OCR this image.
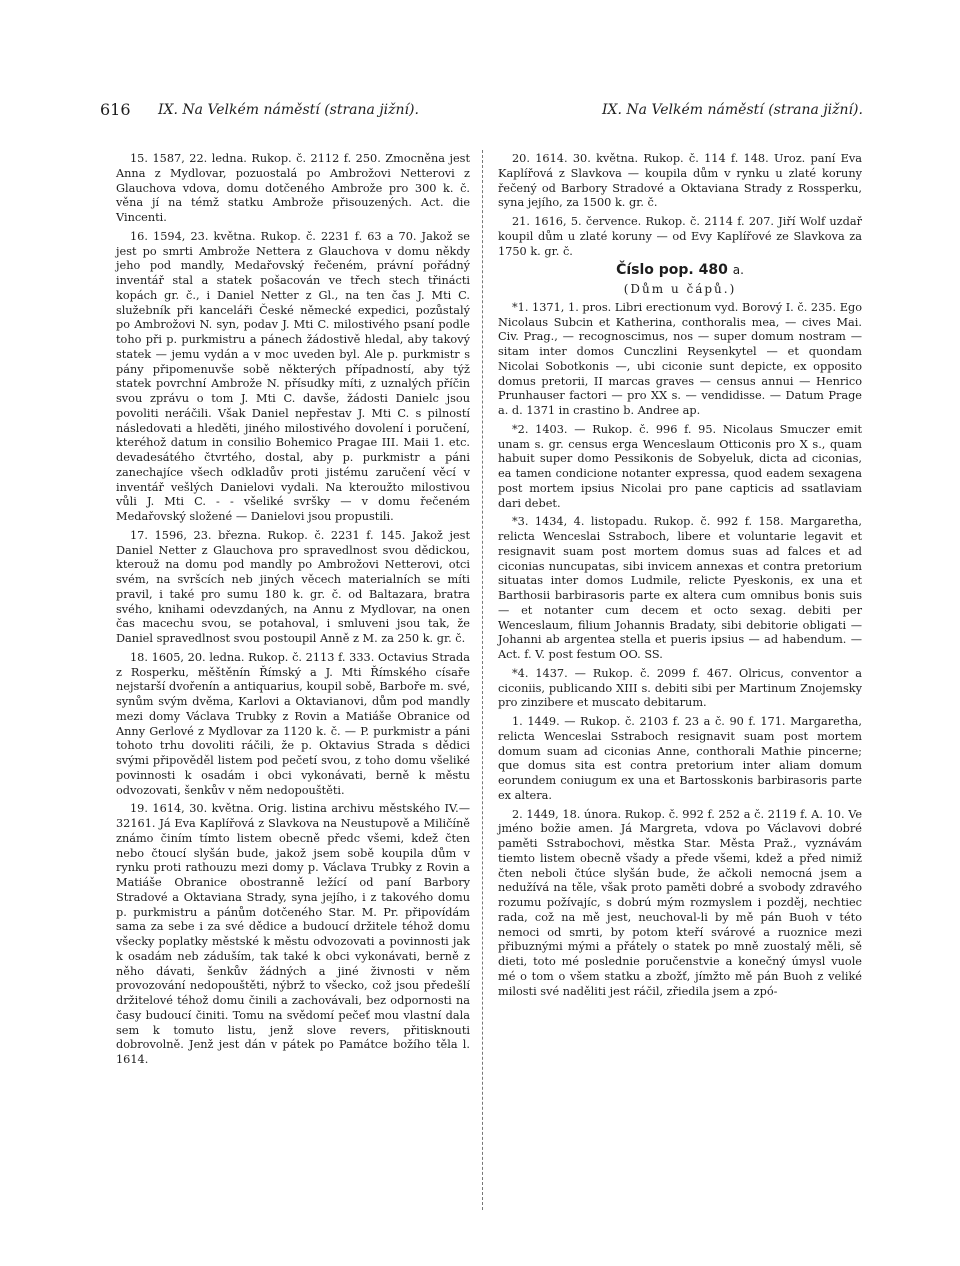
616 IX. Na Velkém náměstí (strana jižní).	IX. Na Velkém náměstí (strana jižní).

15. 1587, 22. ledna. Rukop. č. 2112 f. 250. Zmocněna jest Anna z Mydlovar, pozuostalá po Ambrožovi Netterovi z Glauchova vdova, domu dotčeného Ambrože pro 300 k. č. věna jí na témž statku Ambrože přisouzených. Act. die Vincenti.

16. 1594, 23. května. Rukop. č. 2231 f. 63 a 70. Jakož se jest po smrti Ambrože Nettera z Glauchova v domu někdy jeho pod mandly, Medařovský řečeném, právní pořádný inventář stal a statek pošacován ve třech stech třinácti kopách gr. č., i Daniel Netter z Gl., na ten čas J. Mti C. služebník při kanceláři České německé expedici, pozůstalý po Ambrožovi N. syn, podav J. Mti C. milostivého psaní podle toho při p. purkmistru a pánech žádostivě hledal, aby takový statek — jemu vydán a v moc uveden byl. Ale p. purkmistr s pány připomenuvše sobě některých případností, aby týž statek povrchní Ambrože N. přísudky míti, z uznalých příčin svou zprávu o tom J. Mti C. davše, žádosti Danielc jsou povoliti neráčili. Však Daniel nepřestav J. Mti C. s pilností následovati a hleděti, jiného milostivého dovolení i poručení, kteréhož datum in consilio Bohemico Pragae III. Maii 1. etc. devadesátého čtvrtého, dostal, aby p. purkmistr a páni zanechajíce všech odkladův proti jistému zaručení věcí v inventář vešlých Danielovi vydali. Na kteroužto milostivou vůli J. Mti C. - - všeliké svršky — v domu řečeném Medařovský složené — Danielovi jsou propustili.

17. 1596, 23. března. Rukop. č. 2231 f. 145. Jakož jest Daniel Netter z Glauchova pro spravedlnost svou dědickou, kterouž na domu pod mandly po Ambrožovi Netterovi, otci svém, na svršcích neb jiných věcech materialních se míti pravil, i také pro sumu 180 k. gr. č. od Baltazara, bratra svého, knihami odevzdaných, na Annu z Mydlovar, na onen čas macechu svou, se potahoval, i smluveni jsou tak, že Daniel spravedlnost svou postoupil Anně z M. za 250 k. gr. č.

18. 1605, 20. ledna. Rukop. č. 2113 f. 333. Octavius Strada z Rosperku, měštěnín Římský a J. Mti Římského císaře nejstarší dvořenín a antiquarius, koupil sobě, Barboře m. své, synům svým dvěma, Karlovi a Oktavianovi, dům pod mandly mezi domy Václava Trubky z Rovin a Matiáše Obranice od Anny Gerlové z Mydlovar za 1120 k. č. — P. purkmistr a páni tohoto trhu dovoliti ráčili, že p. Oktavius Strada s dědici svými připověděl listem pod pečetí svou, z toho domu všeliké povinnosti k osadám i obci vykonávati, berně k městu odvozovati, šenkův v něm nedopouštěti.

19. 1614, 30. května. Orig. listina archivu městského IV.—32161. Já Eva Kaplířová z Slavkova na Neustupově a Miličíně známo činím tímto listem obecně předc všemi, kdež čten nebo čtoucí slyšán bude, jakož jsem sobě koupila dům v rynku proti rathouzu mezi domy p. Václava Trubky z Rovin a Matiáše Obranice obostranně ležící od paní Barbory Stradové a Oktaviana Strady, syna jejího, i z takového domu p. purkmistru a pánům dotčeného Star. M. Pr. připovídám sama za sebe i za své dědice a budoucí držitele téhož domu všecky poplatky městské k městu odvozovati a povinnosti jak k osadám neb záduším, tak také k obci vykonávati, berně z něho dávati, šenkův žádných a jiné živnosti v něm provozování nedopouštěti, nýbrž to všecko, což jsou předešlí držitelové téhož domu činili a zachovávali, bez odpornosti na časy budoucí činiti. Tomu na svědomí pečeť mou vlastní dala sem k tomuto listu, jenž slove revers, přitisknouti dobrovolně. Jenž jest dán v pátek po Památce božího těla l. 1614.

20. 1614. 30. května. Rukop. č. 114 f. 148. Uroz. paní Eva Kaplířová z Slavkova — koupila dům v rynku u zlaté koruny řečený od Barbory Stradové a Oktaviana Strady z Rossperku, syna jejího, za 1500 k. gr. č.

21. 1616, 5. července. Rukop. č. 2114 f. 207. Jiří Wolf uzdař koupil dům u zlaté koruny — od Evy Kaplířové ze Slavkova za 1750 k. gr. č.

Číslo pop. 480 a.

(Dům u čápů.)

*1. 1371, 1. pros. Libri erectionum vyd. Borový I. č. 235. Ego Nicolaus Subcin et Katherina, conthoralis mea, — cives Mai. Civ. Prag., — recognoscimus, nos — super domum nostram — sitam inter domos Cunczlini Reysenkytel — et quondam Nicolai Sobotkonis —, ubi ciconie sunt depicte, ex opposito domus pretorii, II marcas graves — census annui — Henrico Prunhauser factori — pro XX s. — vendidisse. — Datum Prage a. d. 1371 in crastino b. Andree ap.

*2. 1403. — Rukop. č. 996 f. 95. Nicolaus Smuczer emit unam s. gr. census erga Wenceslaum Otticonis pro X s., quam habuit super domo Pessikonis de Sobyeluk, dicta ad ciconias, ea tamen condicione notanter expressa, quod eadem sexagena post mortem ipsius Nicolai pro pane capticis ad ssatlaviam dari debet.

*3. 1434, 4. listopadu. Rukop. č. 992 f. 158. Margaretha, relicta Wenceslai Sstraboch, libere et voluntarie legavit et resignavit suam post mortem domus suas ad falces et ad ciconias nuncupatas, sibi invicem annexas et contra pretorium situatas inter domos Ludmile, relicte Pyeskonis, ex una et Barthosii barbirasoris parte ex altera cum omnibus bonis suis — et notanter cum decem et octo sexag. debiti per Wenceslaum, filium Johannis Bradaty, sibi debitorie obligati — Johanni ab argentea stella et pueris ipsius — ad habendum. — Act. f. V. post festum OO. SS.

*4. 1437. — Rukop. č. 2099 f. 467. Olricus, conventor a ciconiis, publicando XIII s. debiti sibi per Martinum Znojemsky pro zinzibere et muscato debitarum.

1. 1449. — Rukop. č. 2103 f. 23 a č. 90 f. 171. Margaretha, relicta Wenceslai Sstraboch resignavit suam post mortem domum suam ad ciconias Anne, conthorali Mathie pincerne; que domus sita est contra pretorium inter aliam domum eorundem coniugum ex una et Bartosskonis barbirasoris parte ex altera.

2. 1449, 18. února. Rukop. č. 992 f. 252 a č. 2119 f. A. 10. Ve jméno božie amen. Já Margreta, vdova po Václavovi dobré paměti Sstrabochovi, městka Star. Města Praž., vyznávám tiemto listem obecně všady a přede všemi, kdež a před nimiž čten neboli čtúce slyšán bude, že ačkoli nemocná jsem a nedužívá na těle, však proto paměti dobré a svobody zdravého rozumu požívajíc, s dobrú mým rozmyslem i pozděj, nechtiec rada, což na mě jest, neuchoval-li by mě pán Buoh v této nemoci od smrti, by potom kteří svárové a ruoznice mezi přibuznými mými a přátely o statek po mně zuostalý měli, sě dieti, toto mé poslednie poručenstvie a konečný úmysl vuole mé o tom o všem statku a zbožť, jímžto mě pán Buoh z veliké milosti své naděliti jest ráčil, zřiedila jsem a zpó-
